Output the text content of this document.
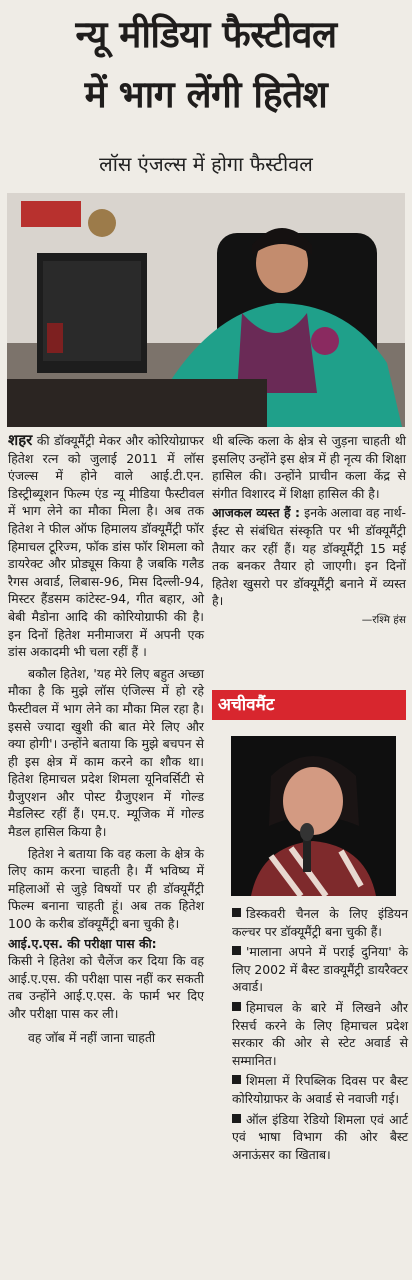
न्यू मीडिया फैस्टीवल
में भाग लेंगी हितेश
लॉस एंजल्स में होगा फैस्टीवल

शहर की डॉक्यूमैंट्री मेकर और कोरियोग्राफर हितेश रत्न को जुलाई 2011 में लॉस एंजल्स में होने वाले आई.टी.एन. डिस्ट्रीब्यूशन फिल्म एंड न्यू मीडिया फैस्टीवल में भाग लेने का मौका मिला है। अब तक हितेश ने फील ऑफ हिमालय डॉक्यूमैंट्री फॉर हिमाचल टूरिज्म, फॉक डांस फॉर शिमला को डायरेक्ट और प्रोड्यूस किया है जबकि गलैड रैगस अवार्ड, लिबास-96, मिस दिल्ली-94, मिस्टर हैंडसम कांटेस्ट-94, गीत बहार, ओ बेबी मैडोना आदि की कोरियोग्राफी की है। इन दिनों हितेश मनीमाजरा में अपनी एक डांस अकादमी भी चला रहीं हैं ।

बकौल हितेश, 'यह मेरे लिए बहुत अच्छा मौका है कि मुझे लॉस एंजिल्स में हो रहे फैस्टीवल में भाग लेने का मौका मिल रहा है। इससे ज्यादा खुशी की बात मेरे लिए और क्या होगी'। उन्होंने बताया कि मुझे बचपन से ही इस क्षेत्र में काम करने का शौक था। हितेश हिमाचल प्रदेश शिमला यूनिवर्सिटी से ग्रैजुएशन और पोस्ट ग्रैजुएशन में गोल्ड मैडलिस्ट रहीं हैं। एम.ए. म्यूजिक में गोल्ड मैडल हासिल किया है।

हितेश ने बताया कि वह कला के क्षेत्र के लिए काम करना चाहती है। मैं भविष्य में महिलाओं से जुड़े विषयों पर ही डॉक्यूमैंट्री फिल्म बनाना चाहती हूं। अब तक हितेश 100 के करीब डॉक्यूमैंट्री बना चुकी है।

आई.ए.एस. की परीक्षा पास की:

किसी ने हितेश को चैलेंज कर दिया कि वह आई.ए.एस. की परीक्षा पास नहीं कर सकती तब उन्होंने आई.ए.एस. के फार्म भर दिए और परीक्षा पास कर ली।

वह जॉब में नहीं जाना चाहती

थी बल्कि कला के क्षेत्र से जुड़ना चाहती थी इसलिए उन्होंने इस क्षेत्र में ही नृत्य की शिक्षा हासिल की। उन्होंने प्राचीन कला केंद्र से संगीत विशारद में शिक्षा हासिल की है।

आजकल व्यस्त हैं : इनके अलावा वह नार्थ-ईस्ट से संबंधित संस्कृति पर भी डॉक्यूमैंट्री तैयार कर रहीं हैं। यह डॉक्यूमैंट्री 15 मई तक बनकर तैयार हो जाएगी। इन दिनों हितेश खुसरो पर डॉक्यूमैंट्री बनाने में व्यस्त है।

—रश्मि हंस
अचीवमैंट

डिस्कवरी चैनल के लिए इंडियन कल्चर पर डॉक्यूमैंट्री बना चुकी हैं।

'मालाना अपने में पराई दुनिया' के लिए 2002 में बैस्ट डाक्यूमैंट्री डायरैक्टर अवार्ड।

हिमाचल के बारे में लिखने और रिसर्च करने के लिए हिमाचल प्रदेश सरकार की ओर से स्टेट अवार्ड से सम्मानित।

शिमला में रिपब्लिक दिवस पर बैस्ट कोरियोग्राफर के अवार्ड से नवाजी गई।

ऑल इंडिया रेडियो शिमला एवं आर्ट एवं भाषा विभाग की ओर बैस्ट अनाऊंसर का खिताब।
